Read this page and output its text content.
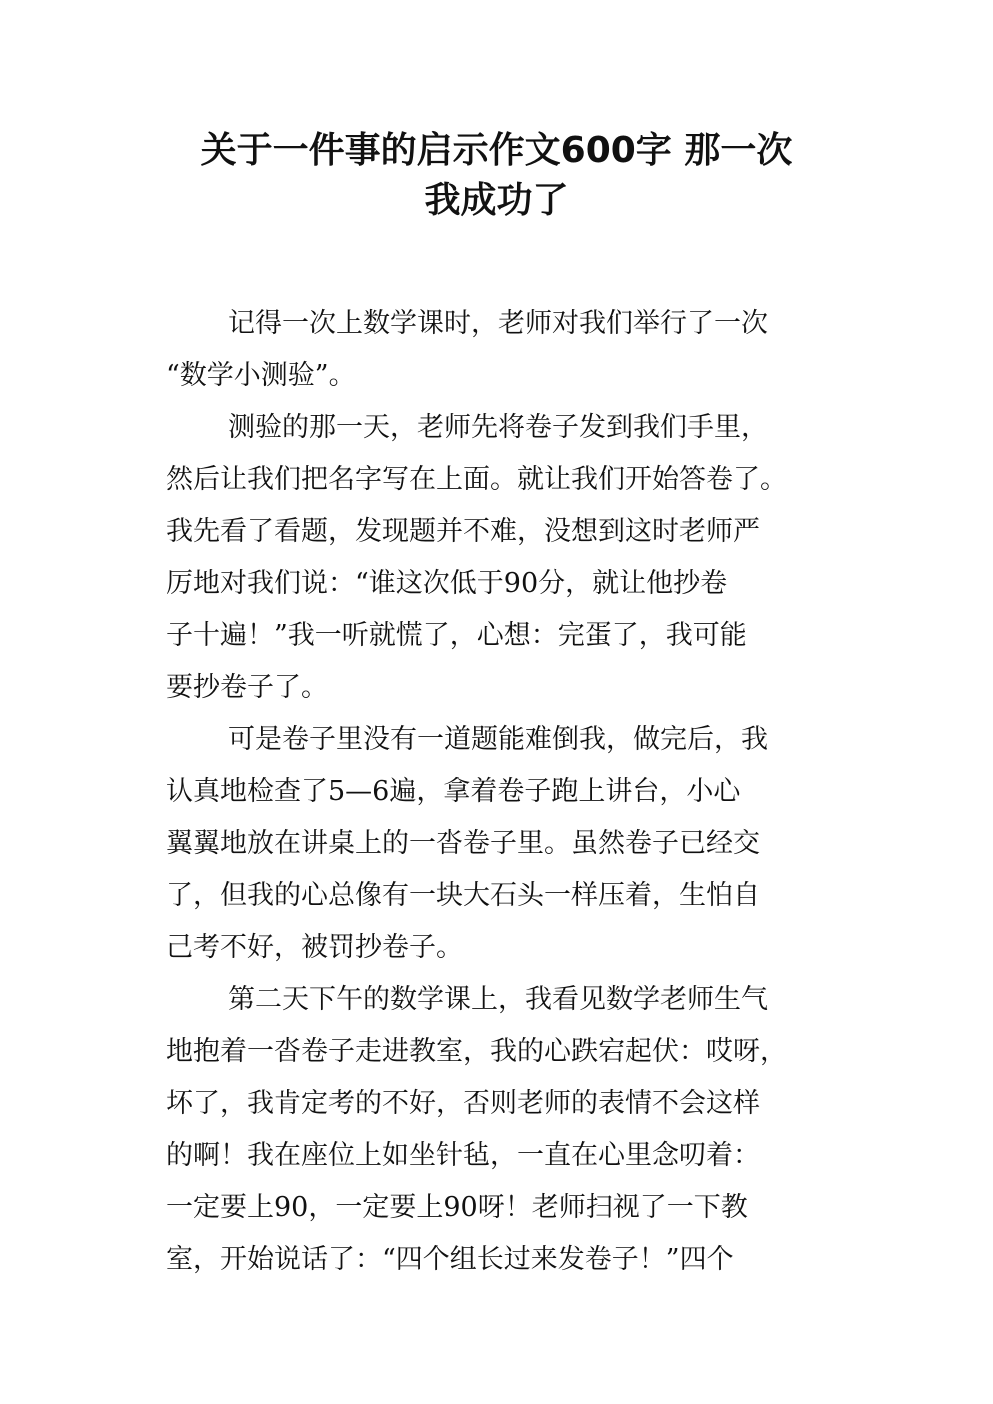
关于一件事的启示作文600字 那一次
我成功了
记得一次上数学课时，老师对我们举行了一次
“数学小测验”。
测验的那一天，老师先将卷子发到我们手里，
然后让我们把名字写在上面。就让我们开始答卷了。
我先看了看题，发现题并不难，没想到这时老师严
厉地对我们说：“谁这次低于90分，就让他抄卷
子十遍！”我一听就慌了，心想：完蛋了，我可能
要抄卷子了。
可是卷子里没有一道题能难倒我，做完后，我
认真地检查了5—6遍，拿着卷子跑上讲台，小心
翼翼地放在讲桌上的一沓卷子里。虽然卷子已经交
了，但我的心总像有一块大石头一样压着，生怕自
己考不好，被罚抄卷子。
第二天下午的数学课上，我看见数学老师生气
地抱着一沓卷子走进教室，我的心跌宕起伏：哎呀，
坏了，我肯定考的不好，否则老师的表情不会这样
的啊！我在座位上如坐针毡，一直在心里念叨着：
一定要上90，一定要上90呀！老师扫视了一下教
室，开始说话了：“四个组长过来发卷子！”四个
